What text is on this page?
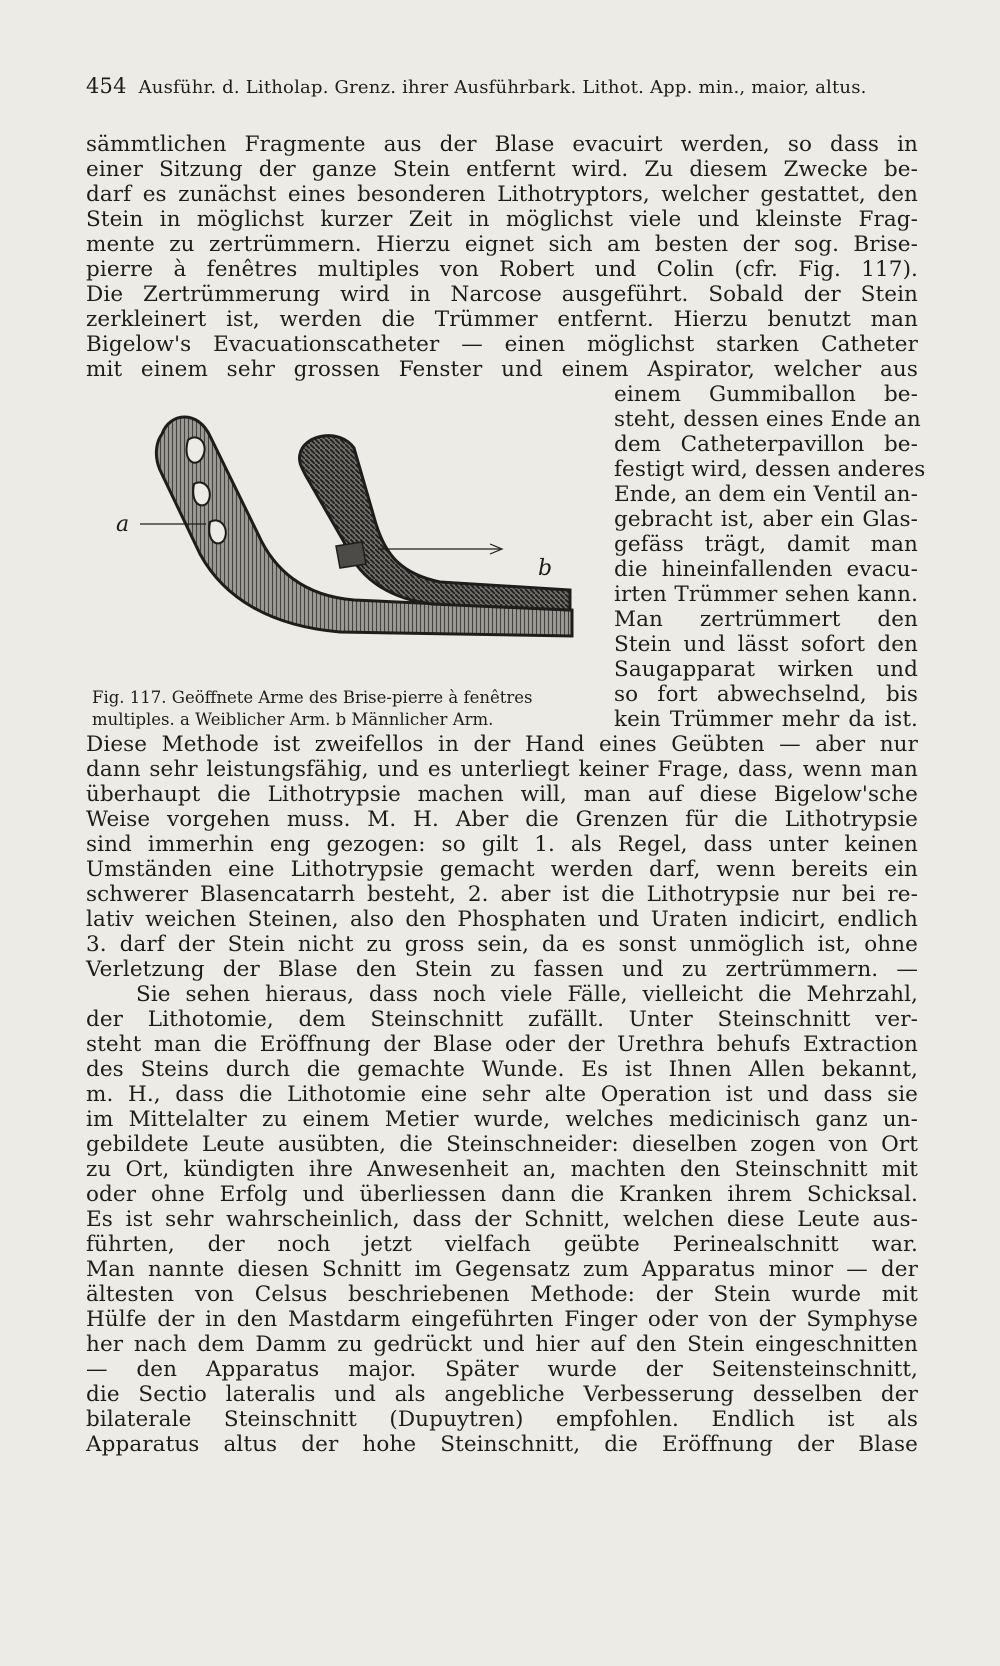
454 Ausführ. d. Litholap. Grenz. ihrer Ausführbark. Lithot. App. min., maior, altus.
sämmtlichen Fragmente aus der Blase evacuirt werden, so dass in
einer Sitzung der ganze Stein entfernt wird. Zu diesem Zwecke be-
darf es zunächst eines besonderen Lithotryptors, welcher gestattet, den
Stein in möglichst kurzer Zeit in möglichst viele und kleinste Frag-
mente zu zertrümmern. Hierzu eignet sich am besten der sog. Brise-
pierre à fenêtres multiples von Robert und Colin (cfr. Fig. 117).
Die Zertrümmerung wird in Narcose ausgeführt. Sobald der Stein
zerkleinert ist, werden die Trümmer entfernt. Hierzu benutzt man
Bigelow's Evacuationscatheter — einen möglichst starken Catheter
mit einem sehr grossen Fenster und einem Aspirator, welcher aus
einem Gummiballon be-
steht, dessen eines Ende an
dem Catheterpavillon be-
festigt wird, dessen anderes
Ende, an dem ein Ventil an-
gebracht ist, aber ein Glas-
gefäss trägt, damit man
die hineinfallenden evacu-
irten Trümmer sehen kann.
Man zertrümmert den
Stein und lässt sofort den
Saugapparat wirken und
so fort abwechselnd, bis
kein Trümmer mehr da ist.
a
b
Fig. 117. Geöffnete Arme des Brise-pierre à fenêtres
multiples. a Weiblicher Arm. b Männlicher Arm.
Diese Methode ist zweifellos in der Hand eines Geübten — aber nur
dann sehr leistungsfähig, und es unterliegt keiner Frage, dass, wenn man
überhaupt die Lithotrypsie machen will, man auf diese Bigelow'sche
Weise vorgehen muss. M. H. Aber die Grenzen für die Lithotrypsie
sind immerhin eng gezogen: so gilt 1. als Regel, dass unter keinen
Umständen eine Lithotrypsie gemacht werden darf, wenn bereits ein
schwerer Blasencatarrh besteht, 2. aber ist die Lithotrypsie nur bei re-
lativ weichen Steinen, also den Phosphaten und Uraten indicirt, endlich
3. darf der Stein nicht zu gross sein, da es sonst unmöglich ist, ohne
Verletzung der Blase den Stein zu fassen und zu zertrümmern. —
Sie sehen hieraus, dass noch viele Fälle, vielleicht die Mehrzahl,
der Lithotomie, dem Steinschnitt zufällt. Unter Steinschnitt ver-
steht man die Eröffnung der Blase oder der Urethra behufs Extraction
des Steins durch die gemachte Wunde. Es ist Ihnen Allen bekannt,
m. H., dass die Lithotomie eine sehr alte Operation ist und dass sie
im Mittelalter zu einem Metier wurde, welches medicinisch ganz un-
gebildete Leute ausübten, die Steinschneider: dieselben zogen von Ort
zu Ort, kündigten ihre Anwesenheit an, machten den Steinschnitt mit
oder ohne Erfolg und überliessen dann die Kranken ihrem Schicksal.
Es ist sehr wahrscheinlich, dass der Schnitt, welchen diese Leute aus-
führten, der noch jetzt vielfach geübte Perinealschnitt war.
Man nannte diesen Schnitt im Gegensatz zum Apparatus minor — der
ältesten von Celsus beschriebenen Methode: der Stein wurde mit
Hülfe der in den Mastdarm eingeführten Finger oder von der Symphyse
her nach dem Damm zu gedrückt und hier auf den Stein eingeschnitten
— den Apparatus major. Später wurde der Seitensteinschnitt,
die Sectio lateralis und als angebliche Verbesserung desselben der
bilaterale Steinschnitt (Dupuytren) empfohlen. Endlich ist als
Apparatus altus der hohe Steinschnitt, die Eröffnung der Blase
